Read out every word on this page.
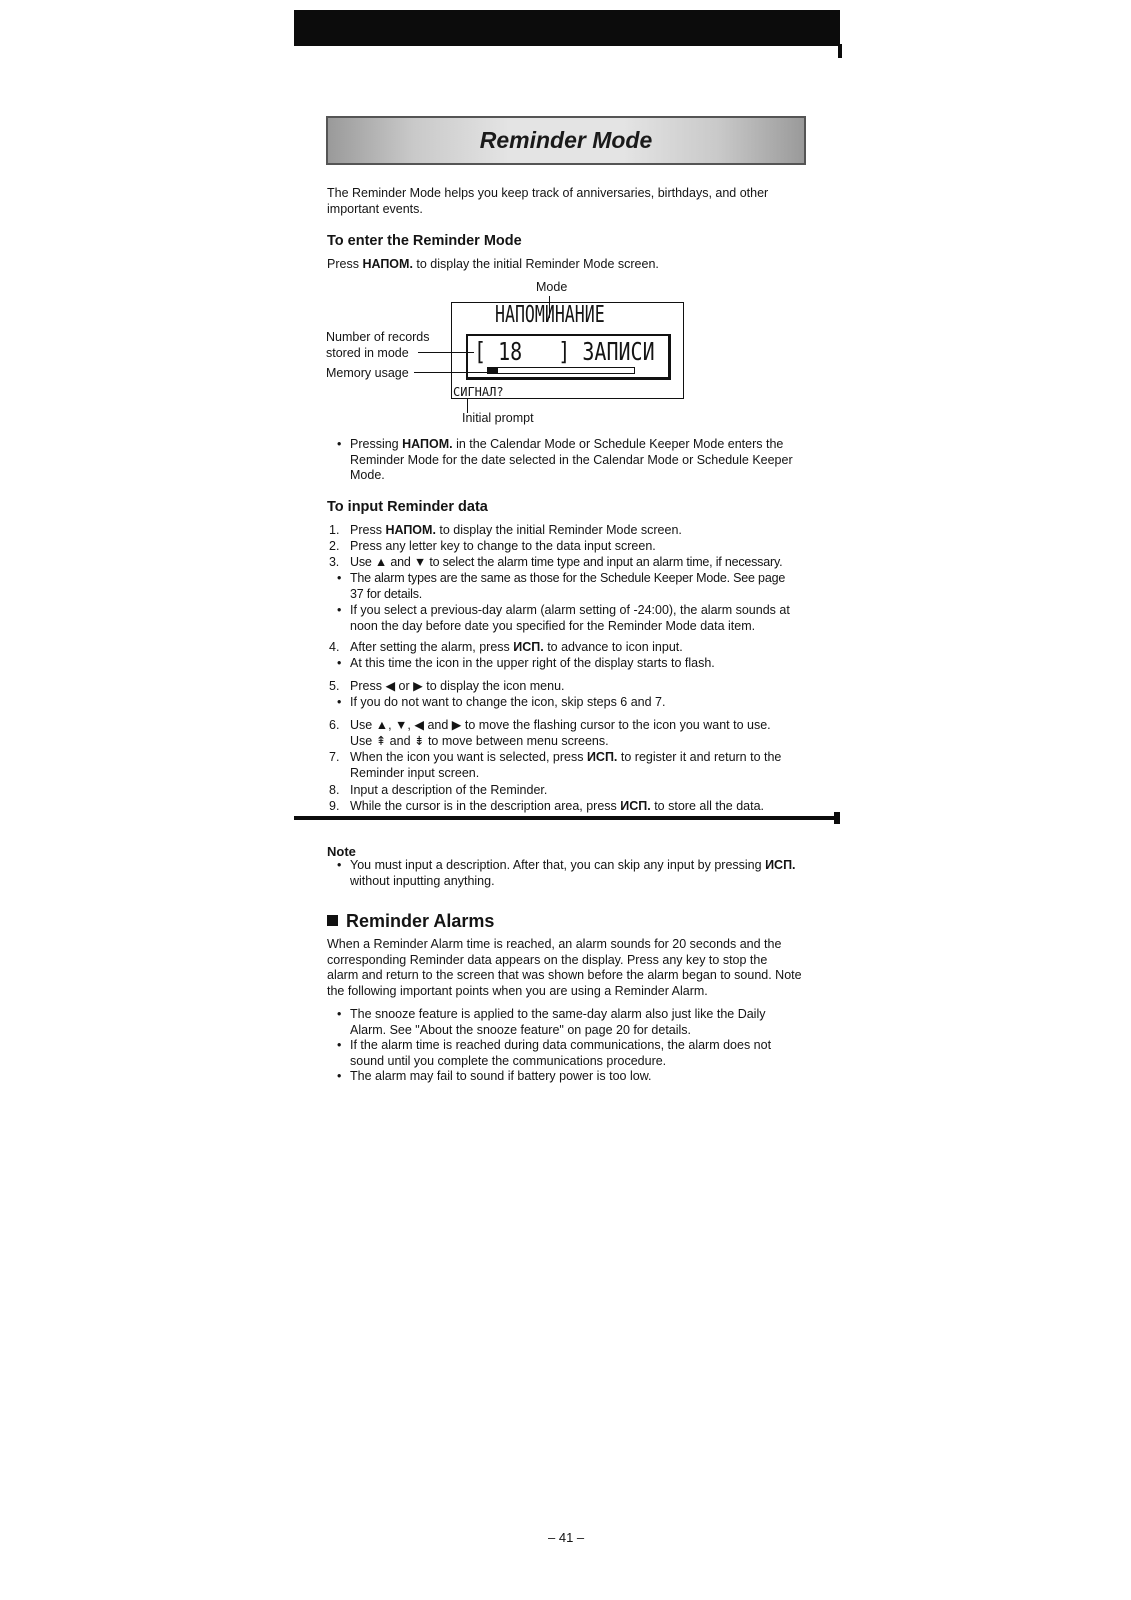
Reminder Mode
The Reminder Mode helps you keep track of anniversaries, birthdays, and other important events.
To enter the Reminder Mode
Press НАПОМ. to display the initial Reminder Mode screen.
Mode
НАПОМИНАНИЕ
[ 18   ] ЗАПИСИ
СИГНАЛ?
Number of records
stored in mode
Memory usage
Initial prompt
• Pressing НАПОМ. in the Calendar Mode or Schedule Keeper Mode enters the
Reminder Mode for the date selected in the Calendar Mode or Schedule Keeper
Mode.
To input Reminder data
1. Press НАПОМ. to display the initial Reminder Mode screen.
2. Press any letter key to change to the data input screen.
3. Use ▲ and ▼ to select the alarm time type and input an alarm time, if necessary.
• The alarm types are the same as those for the Schedule Keeper Mode. See page
37 for details.
• If you select a previous-day alarm (alarm setting of -24:00), the alarm sounds at
noon the day before date you specified for the Reminder Mode data item.
4. After setting the alarm, press ИСП. to advance to icon input.
• At this time the icon in the upper right of the display starts to flash.
5. Press ◀ or ▶ to display the icon menu.
• If you do not want to change the icon, skip steps 6 and 7.
6. Use ▲, ▼, ◀ and ▶ to move the flashing cursor to the icon you want to use.
Use ⇞ and ⇟ to move between menu screens.
7. When the icon you want is selected, press ИСП. to register it and return to the
Reminder input screen.
8. Input a description of the Reminder.
9. While the cursor is in the description area, press ИСП. to store all the data.
Note
• You must input a description. After that, you can skip any input by pressing ИСП.
without inputting anything.
Reminder Alarms
When a Reminder Alarm time is reached, an alarm sounds for 20 seconds and the
corresponding Reminder data appears on the display. Press any key to stop the
alarm and return to the screen that was shown before the alarm began to sound. Note
the following important points when you are using a Reminder Alarm.
• The snooze feature is applied to the same-day alarm also just like the Daily
Alarm. See "About the snooze feature" on page 20 for details.
• If the alarm time is reached during data communications, the alarm does not
sound until you complete the communications procedure.
• The alarm may fail to sound if battery power is too low.
– 41 –
